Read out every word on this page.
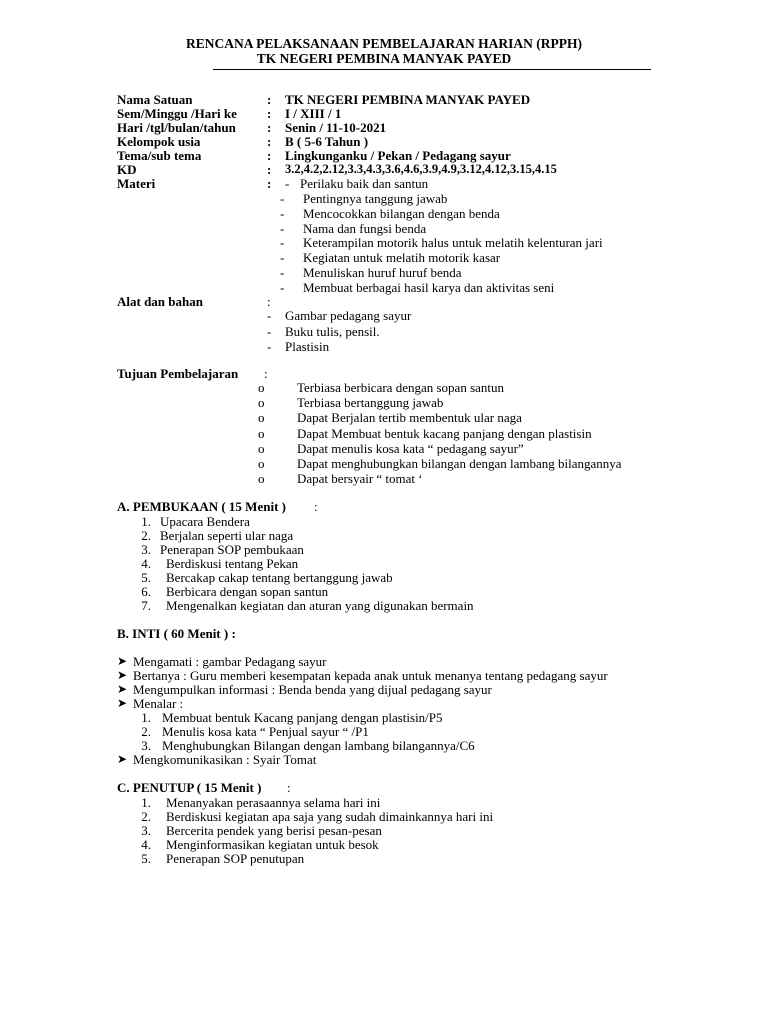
RENCANA PELAKSANAAN PEMBELAJARAN HARIAN (RPPH)
TK NEGERI PEMBINA MANYAK PAYED
Nama Satuan	: TK NEGERI PEMBINA MANYAK PAYED
Sem/Minggu /Hari ke : I / XIII / 1
Hari /tgl/bulan/tahun : Senin / 11-10-2021
Kelompok usia	: B ( 5-6 Tahun )
Tema/sub tema	: Lingkunganku / Pekan / Pedagang sayur
KD	: 3.2,4.2,2.12,3.3,4.3,3.6,4.6,3.9,4.9,3.12,4.12,3.15,4.15
Materi	: - Perilaku baik dan santun
- Pentingnya tanggung jawab
- Mencocokkan bilangan dengan benda
- Nama dan fungsi benda
- Keterampilan motorik halus untuk melatih kelenturan jari
- Kegiatan untuk melatih motorik kasar
- Menuliskan huruf huruf benda
- Membuat berbagai hasil karya dan aktivitas seni
Alat dan bahan	:
- Gambar pedagang sayur
- Buku tulis, pensil.
- Plastisin
Tujuan Pembelajaran :
o	Terbiasa berbicara dengan sopan santun
o	Terbiasa bertanggung jawab
o	Dapat Berjalan tertib membentuk ular naga
o	Dapat Membuat bentuk kacang panjang dengan plastisin
o	Dapat menulis kosa kata “ pedagang sayur”
o	Dapat menghubungkan bilangan dengan lambang bilangannya
o	Dapat bersyair “ tomat ‘
A. PEMBUKAAN ( 15 Menit ) :
1. Upacara Bendera
2. Berjalan seperti ular naga
3. Penerapan SOP pembukaan
4. Berdiskusi tentang Pekan
5. Bercakap cakap tentang bertanggung jawab
6. Berbicara dengan sopan santun
7. Mengenalkan kegiatan dan aturan yang digunakan bermain
B. INTI ( 60 Menit ) :
➤ Mengamati : gambar Pedagang sayur
➤ Bertanya : Guru memberi kesempatan kepada anak untuk menanya tentang pedagang sayur
➤ Mengumpulkan informasi : Benda benda yang dijual pedagang sayur
➤ Menalar :
1. Membuat bentuk Kacang panjang dengan plastisin/P5
2. Menulis kosa kata “ Penjual sayur “ /P1
3. Menghubungkan Bilangan dengan lambang bilangannya/C6
➤ Mengkomunikasikan : Syair Tomat
C. PENUTUP ( 15 Menit ) :
1. Menanyakan perasaannya selama hari ini
2. Berdiskusi kegiatan apa saja yang sudah dimainkannya hari ini
3. Bercerita pendek yang berisi pesan-pesan
4. Menginformasikan kegiatan untuk besok
5. Penerapan SOP penutupan
